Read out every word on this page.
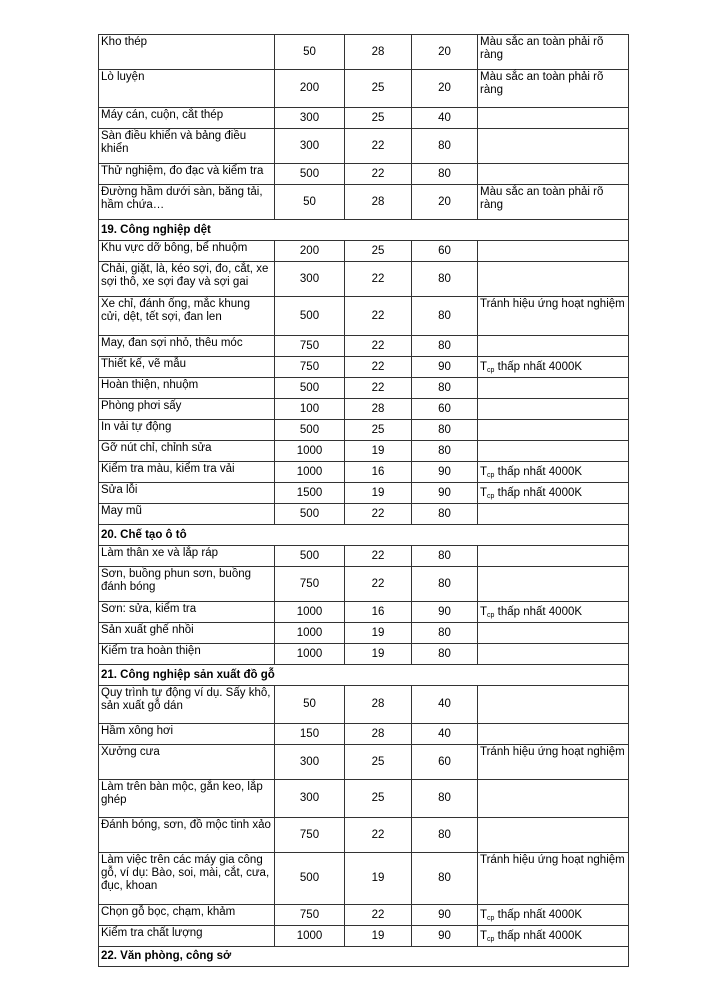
Kho thép	50	28	20	Màu sắc an toàn phải rõ ràng
Lò luyện	200	25	20	Màu sắc an toàn phải rõ ràng
Máy cán, cuộn, cắt thép	300	25	40	
Sàn điều khiển và bảng điều khiển	300	22	80	
Thử nghiệm, đo đạc và kiểm tra	500	22	80	
Đường hầm dưới sàn, băng tải, hầm chứa…	50	28	20	Màu sắc an toàn phải rõ ràng
19. Công nghiệp dệt				
Khu vực dỡ bông, bể nhuộm	200	25	60	
Chải, giặt, là, kéo sợi, đo, cắt, xe sợi thô, xe sợi đay và sợi gai	300	22	80	
Xe chỉ, đánh ống, mắc khung cửi, dệt, tết sợi, đan len	500	22	80	Tránh hiệu ứng hoạt nghiệm
May, đan sợi nhỏ, thêu móc	750	22	80	
Thiết kế, vẽ mẫu	750	22	90	$T_{cp}$ thấp nhất 4000K
Hoàn thiện, nhuộm	500	22	80	
Phòng phơi sấy	100	28	60	
In vải tự động	500	25	80	
Gỡ nút chỉ, chỉnh sửa	1000	19	80	
Kiểm tra màu, kiểm tra vải	1000	16	90	$T_{cp}$ thấp nhất 4000K
Sửa lỗi	1500	19	90	$T_{cp}$ thấp nhất 4000K
May mũ	500	22	80	
20. Chế tạo ô tô				
Làm thân xe và lắp ráp	500	22	80	
Sơn, buồng phun sơn, buồng đánh bóng	750	22	80	
Sơn: sửa, kiểm tra	1000	16	90	$T_{cp}$ thấp nhất 4000K
Sản xuất ghế nhồi	1000	19	80	
Kiểm tra hoàn thiện	1000	19	80	
21. Công nghiệp sản xuất đồ gỗ				
Quy trình tự động ví dụ. Sấy khô, sản xuất gỗ dán	50	28	40	
Hầm xông hơi	150	28	40	
Xưởng cưa	300	25	60	Tránh hiệu ứng hoạt nghiệm
Làm trên bàn mộc, gắn keo, lắp ghép	300	25	80	
Đánh bóng, sơn, đồ mộc tinh xảo	750	22	80	
Làm việc trên các máy gia công gỗ, ví dụ: Bào, soi, mài, cắt, cưa, đục, khoan	500	19	80	Tránh hiệu ứng hoạt nghiệm
Chọn gỗ bọc, chạm, khảm	750	22	90	$T_{cp}$ thấp nhất 4000K
Kiểm tra chất lượng	1000	19	90	$T_{cp}$ thấp nhất 4000K
22. Văn phòng, công sở				
